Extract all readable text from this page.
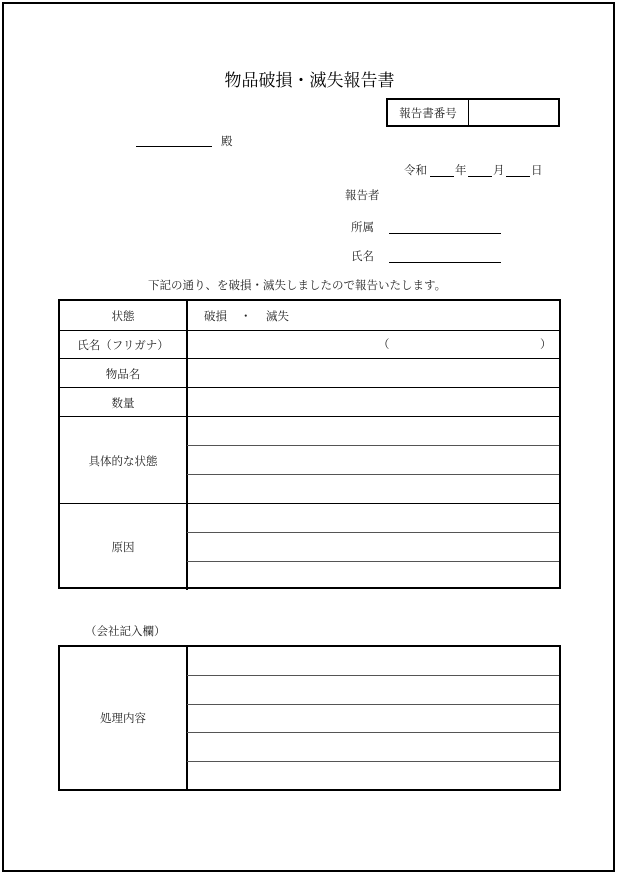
物品破損・滅失報告書
報告書番号
殿
令和 年 月 日
報告者
所属
氏名
下記の通り、を破損・滅失しましたので報告いたします。
状態	破損 ・ 滅失
氏名（フリガナ）	（	）
物品名
数量
具体的な状態
原因
（会社記入欄）
処理内容
